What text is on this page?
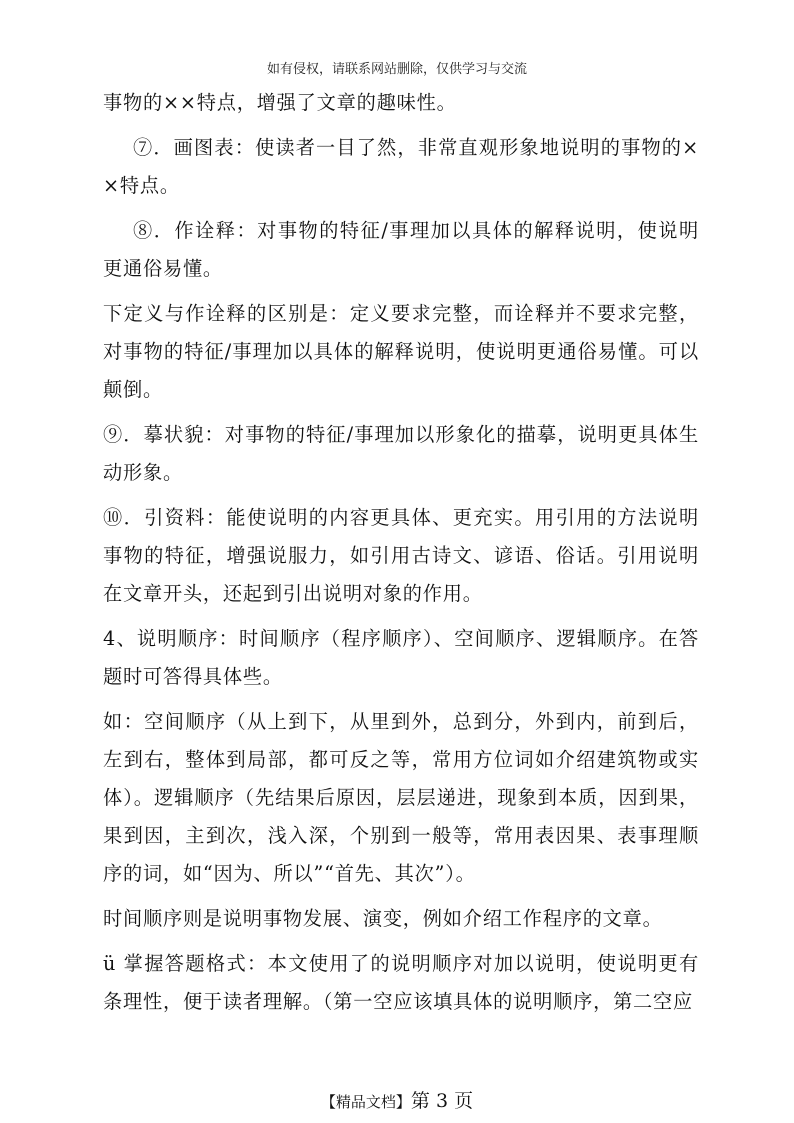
如有侵权，请联系网站删除，仅供学习与交流

事物的××特点，增强了文章的趣味性。

⑦．画图表：使读者一目了然，非常直观形象地说明的事物的××特点。

⑧．作诠释：对事物的特征/事理加以具体的解释说明，使说明更通俗易懂。

下定义与作诠释的区别是：定义要求完整，而诠释并不要求完整，对事物的特征/事理加以具体的解释说明，使说明更通俗易懂。可以颠倒。

⑨．摹状貌：对事物的特征/事理加以形象化的描摹，说明更具体生动形象。

⑩．引资料：能使说明的内容更具体、更充实。用引用的方法说明事物的特征，增强说服力，如引用古诗文、谚语、俗话。引用说明在文章开头，还起到引出说明对象的作用。

4、说明顺序：时间顺序（程序顺序）、空间顺序、逻辑顺序。在答题时可答得具体些。

如：空间顺序（从上到下，从里到外，总到分，外到内，前到后，左到右，整体到局部，都可反之等，常用方位词如介绍建筑物或实体）。逻辑顺序（先结果后原因，层层递进，现象到本质，因到果，果到因，主到次，浅入深，个别到一般等，常用表因果、表事理顺序的词，如“因为、所以”“首先、其次”）。

时间顺序则是说明事物发展、演变，例如介绍工作程序的文章。

ü 掌握答题格式：本文使用了的说明顺序对加以说明，使说明更有条理性，便于读者理解。（第一空应该填具体的说明顺序，第二空应

【精品文档】第 3 页
